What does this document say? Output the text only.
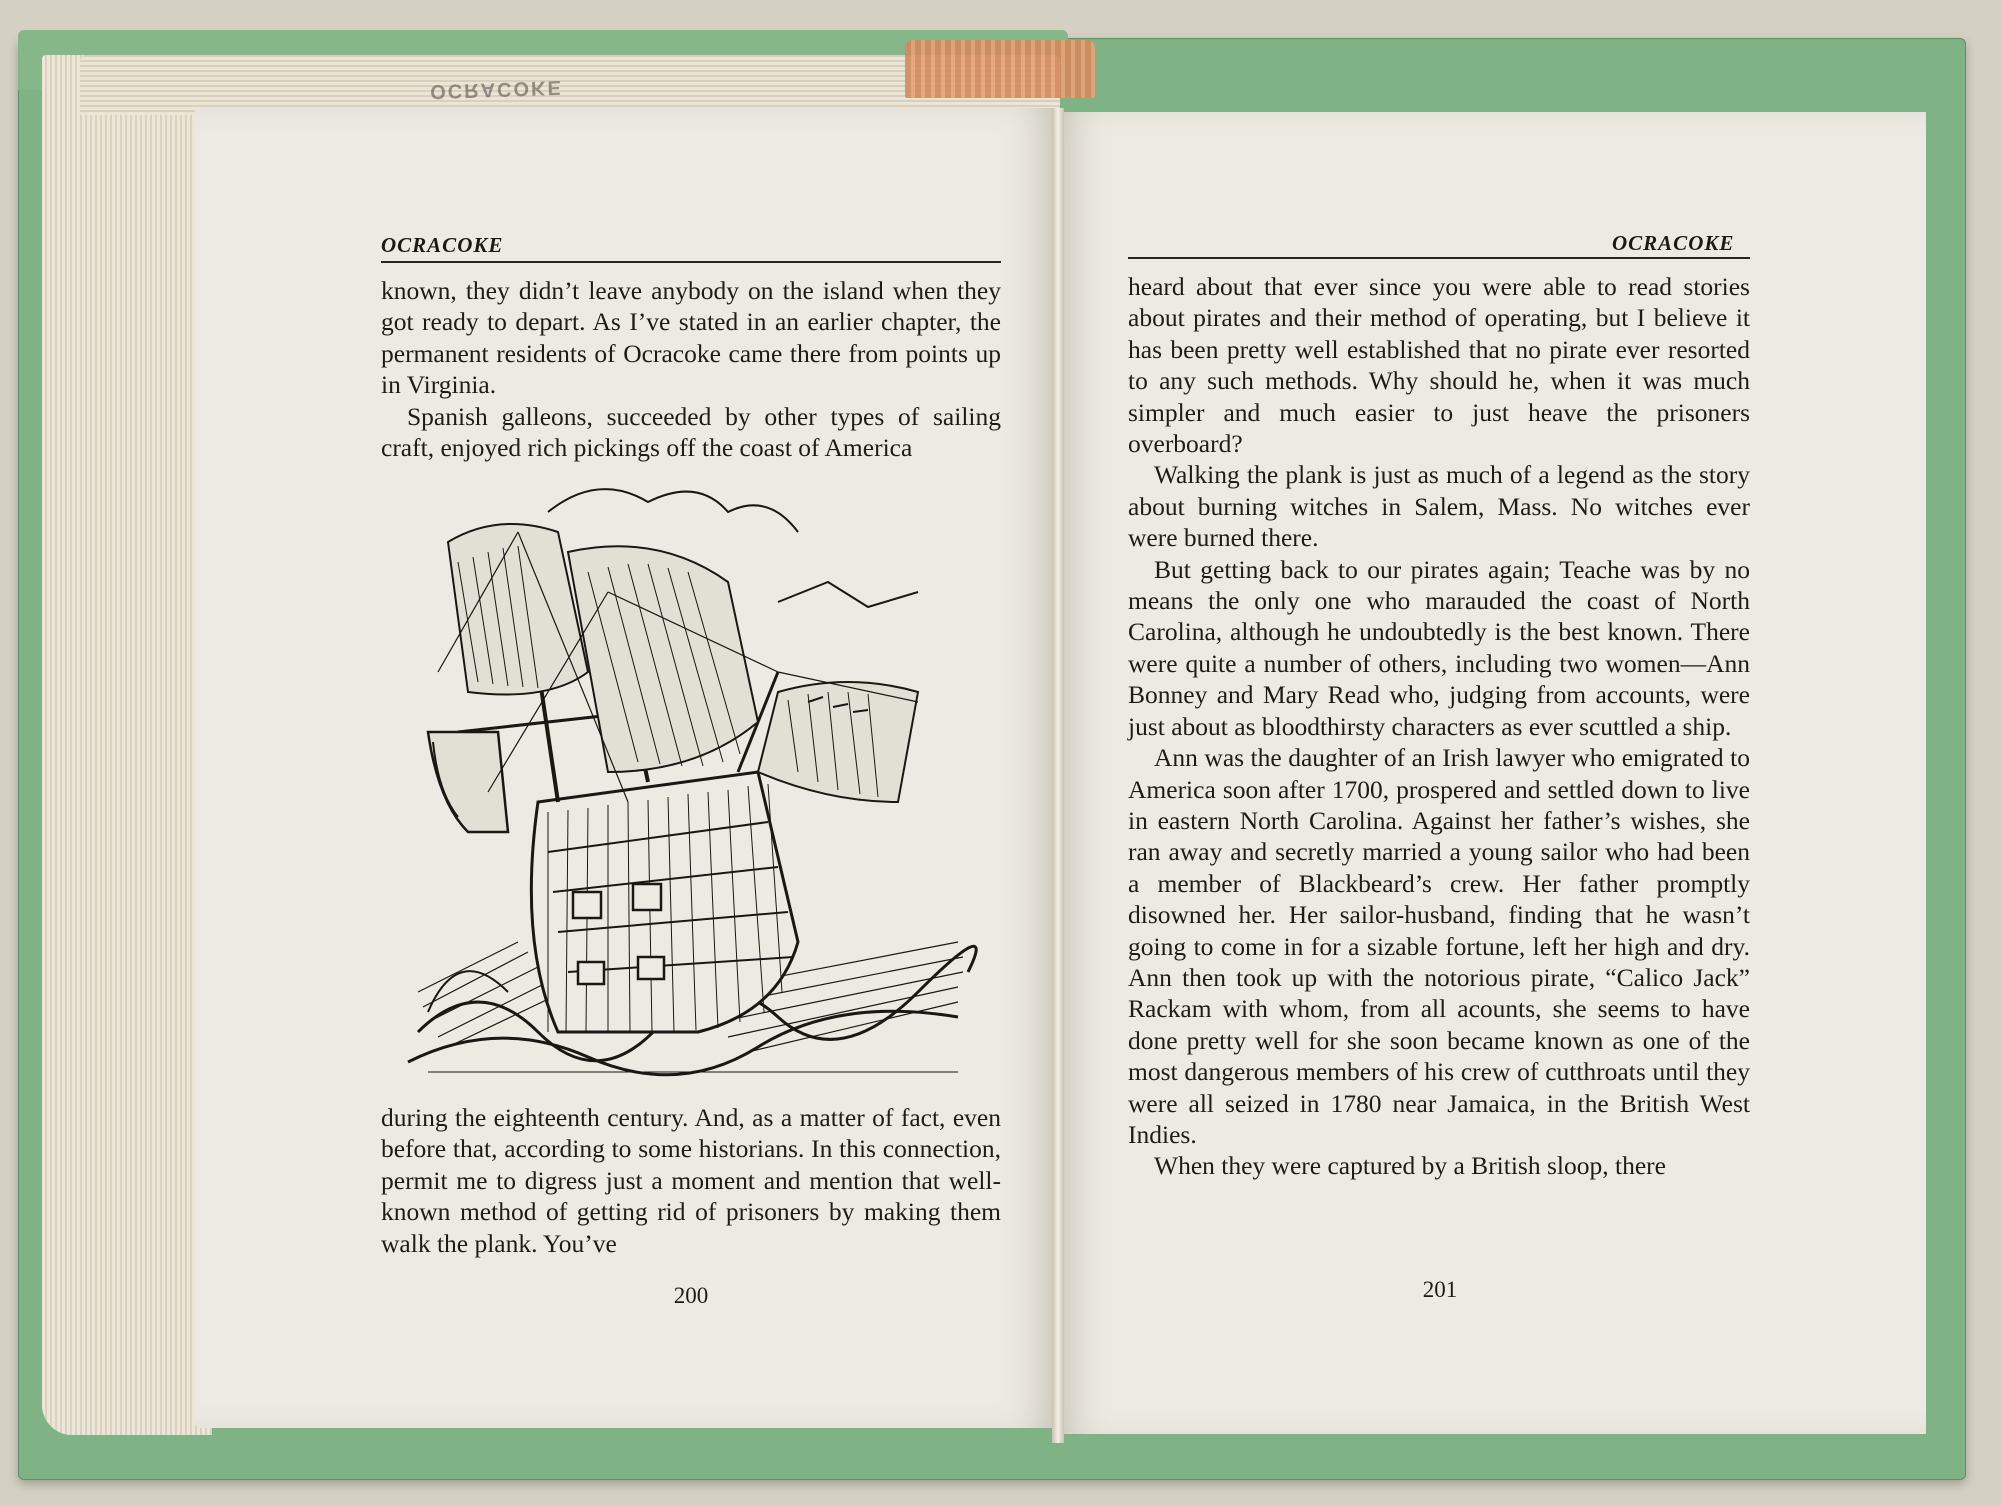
OCRACOKE
OCRACOKE

known, they didn’t leave anybody on the island when they got ready to depart. As I’ve stated in an earlier chapter, the permanent residents of Ocracoke came there from points up in Virginia.

Spanish galleons, succeeded by other types of sailing craft, enjoyed rich pickings off the coast of America

during the eighteenth century. And, as a matter of fact, even before that, according to some historians. In this connection, permit me to digress just a moment and mention that well-known method of getting rid of prisoners by making them walk the plank. You’ve

200
OCRACOKE

heard about that ever since you were able to read stories about pirates and their method of operating, but I believe it has been pretty well established that no pirate ever resorted to any such methods. Why should he, when it was much simpler and much easier to just heave the prisoners overboard?

Walking the plank is just as much of a legend as the story about burning witches in Salem, Mass. No witches ever were burned there.

But getting back to our pirates again; Teache was by no means the only one who marauded the coast of North Carolina, although he undoubtedly is the best known. There were quite a number of others, including two women—Ann Bonney and Mary Read who, judging from accounts, were just about as bloodthirsty characters as ever scuttled a ship.

Ann was the daughter of an Irish lawyer who emigrated to America soon after 1700, prospered and settled down to live in eastern North Carolina. Against her father’s wishes, she ran away and secretly married a young sailor who had been a member of Blackbeard’s crew. Her father promptly disowned her. Her sailor-husband, finding that he wasn’t going to come in for a sizable fortune, left her high and dry. Ann then took up with the notorious pirate, “Calico Jack” Rackam with whom, from all acounts, she seems to have done pretty well for she soon became known as one of the most dangerous members of his crew of cutthroats until they were all seized in 1780 near Jamaica, in the British West Indies.

When they were captured by a British sloop, there

201
